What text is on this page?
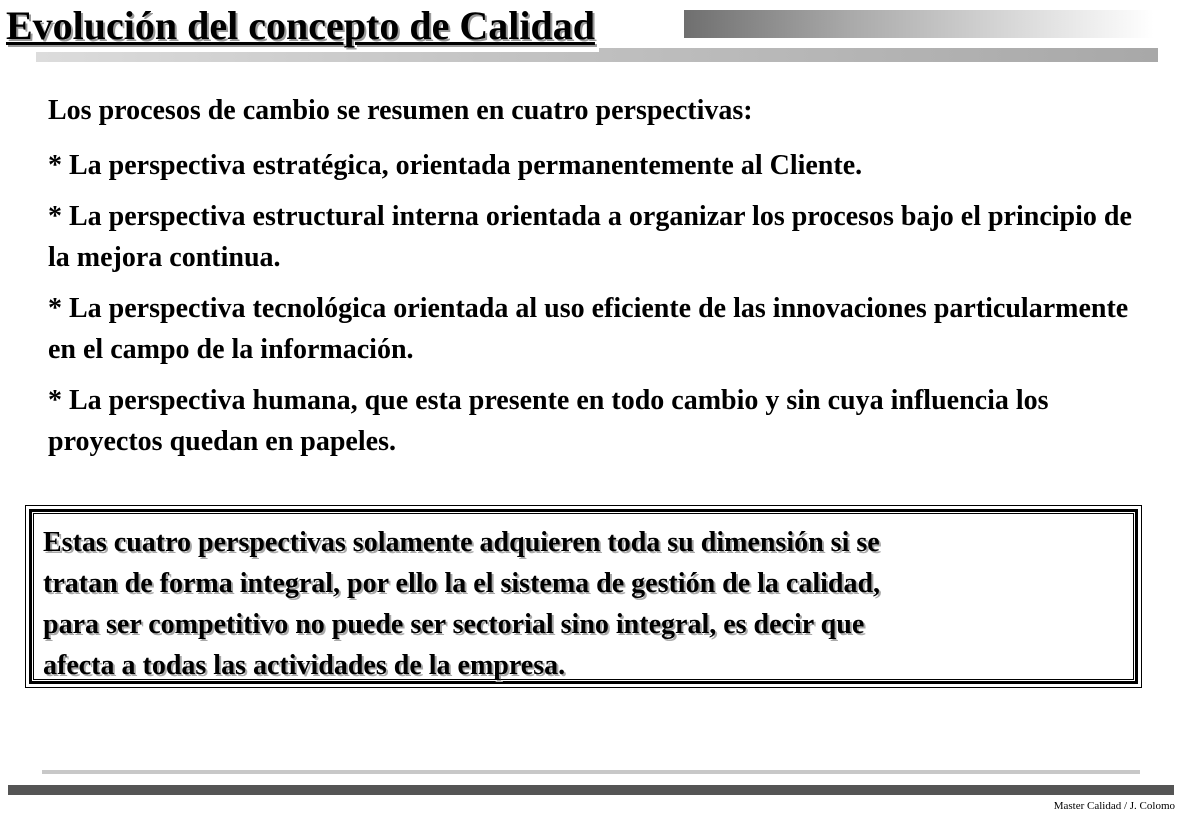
Evolución del concepto de Calidad

Los procesos de cambio se resumen en cuatro perspectivas:

* La perspectiva estratégica, orientada permanentemente al Cliente.

* La perspectiva estructural interna orientada a organizar los procesos bajo el principio de la mejora continua.

* La perspectiva tecnológica orientada al uso eficiente de las innovaciones particularmente en el campo de la información.

* La perspectiva humana, que esta presente en todo cambio y sin cuya influencia los proyectos quedan en papeles.

Estas cuatro perspectivas solamente adquieren toda su dimensión si se

tratan de forma integral, por ello la el sistema de gestión de la calidad,

para ser competitivo no puede ser sectorial sino integral, es decir que

afecta a todas las actividades de la empresa.

Master Calidad / J. Colomo
